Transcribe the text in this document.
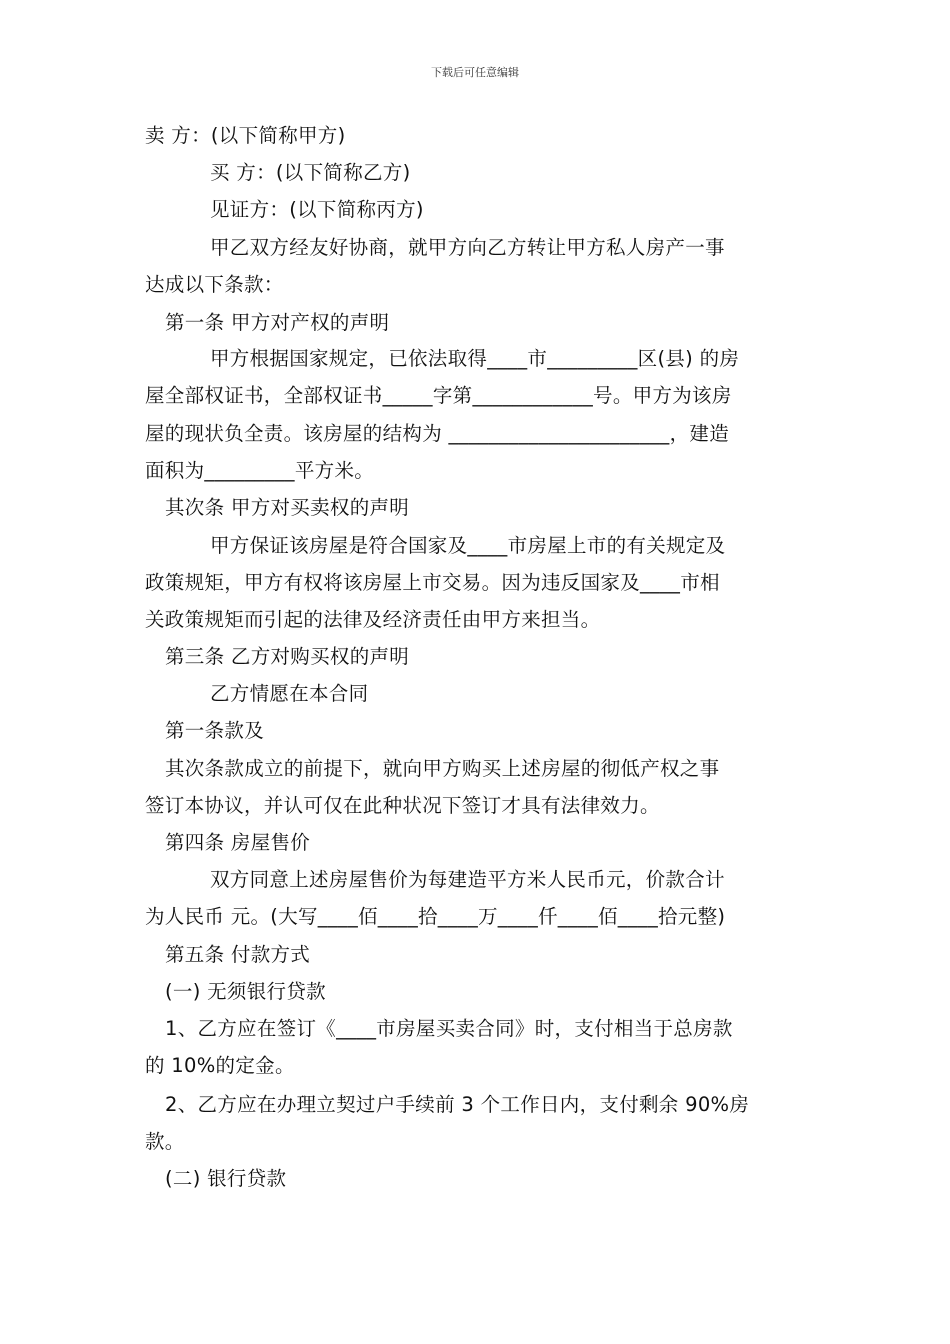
下载后可任意编辑
卖 方：(以下简称甲方)
买 方：(以下简称乙方)
见证方：(以下简称丙方)
甲乙双方经友好协商，就甲方向乙方转让甲方私人房产一事
达成以下条款：
第一条 甲方对产权的声明
甲方根据国家规定，已依法取得____市_________区(县) 的房
屋全部权证书，全部权证书_____字第____________号。甲方为该房
屋的现状负全责。该房屋的结构为 ______________________，建造
面积为_________平方米。
其次条 甲方对买卖权的声明
甲方保证该房屋是符合国家及____市房屋上市的有关规定及
政策规矩，甲方有权将该房屋上市交易。因为违反国家及____市相
关政策规矩而引起的法律及经济责任由甲方来担当。
第三条 乙方对购买权的声明
乙方情愿在本合同
第一条款及
其次条款成立的前提下，就向甲方购买上述房屋的彻低产权之事
签订本协议，并认可仅在此种状况下签订才具有法律效力。
第四条 房屋售价
双方同意上述房屋售价为每建造平方米人民币元，价款合计
为人民币 元。(大写____佰____拾____万____仟____佰____拾元整)
第五条 付款方式
(一) 无须银行贷款
1、乙方应在签订《____市房屋买卖合同》时，支付相当于总房款
的 10%的定金。
2、乙方应在办理立契过户手续前 3 个工作日内，支付剩余 90%房
款。
(二) 银行贷款
